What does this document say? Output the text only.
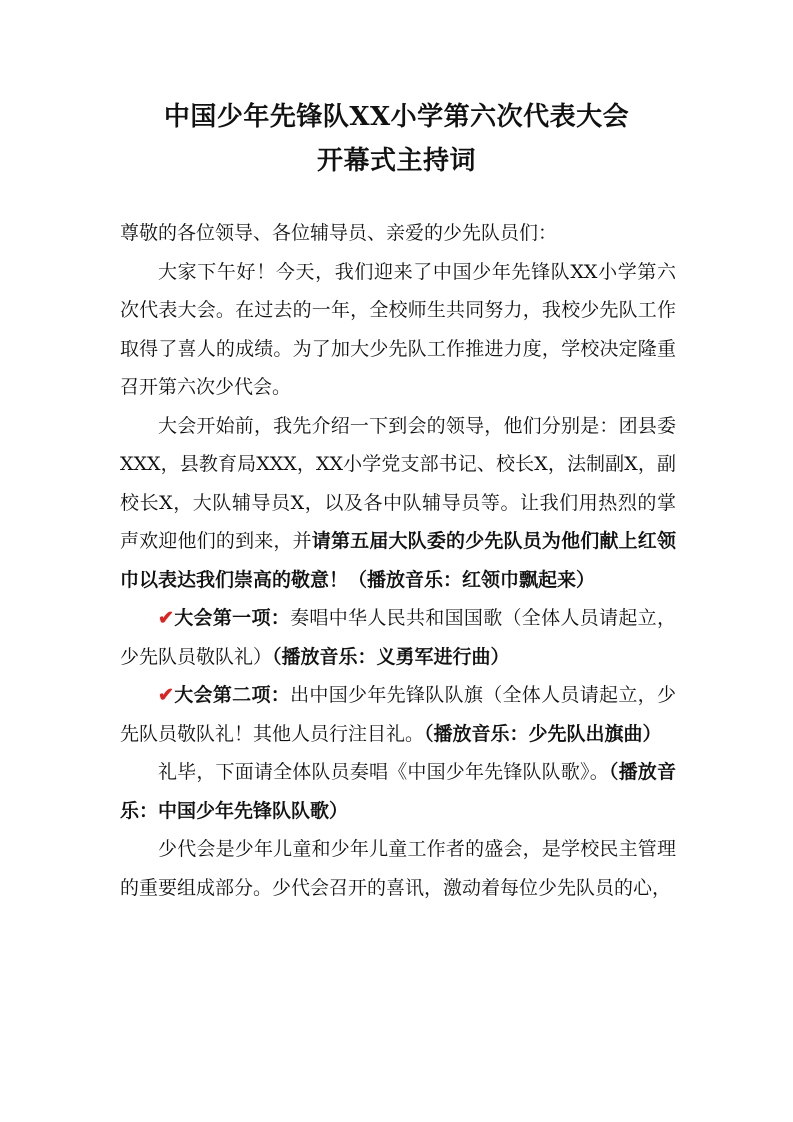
中国少年先锋队XX小学第六次代表大会
开幕式主持词

尊敬的各位领导、各位辅导员、亲爱的少先队员们：

大家下午好！今天，我们迎来了中国少年先锋队XX小学第六次代表大会。在过去的一年，全校师生共同努力，我校少先队工作取得了喜人的成绩。为了加大少先队工作推进力度，学校决定隆重召开第六次少代会。

大会开始前，我先介绍一下到会的领导，他们分别是：团县委XXX，县教育局XXX，XX小学党支部书记、校长X，法制副X，副校长X，大队辅导员X，以及各中队辅导员等。让我们用热烈的掌声欢迎他们的到来，并请第五届大队委的少先队员为他们献上红领巾以表达我们崇高的敬意！（播放音乐：红领巾飘起来）

✔大会第一项：奏唱中华人民共和国国歌（全体人员请起立，少先队员敬队礼）（播放音乐：义勇军进行曲）

✔大会第二项：出中国少年先锋队队旗（全体人员请起立，少先队员敬队礼！其他人员行注目礼。（播放音乐：少先队出旗曲）

礼毕，下面请全体队员奏唱《中国少年先锋队队歌》。（播放音乐：中国少年先锋队队歌）

少代会是少年儿童和少年儿童工作者的盛会，是学校民主管理的重要组成部分。少代会召开的喜讯，激动着每位少先队员的心，
